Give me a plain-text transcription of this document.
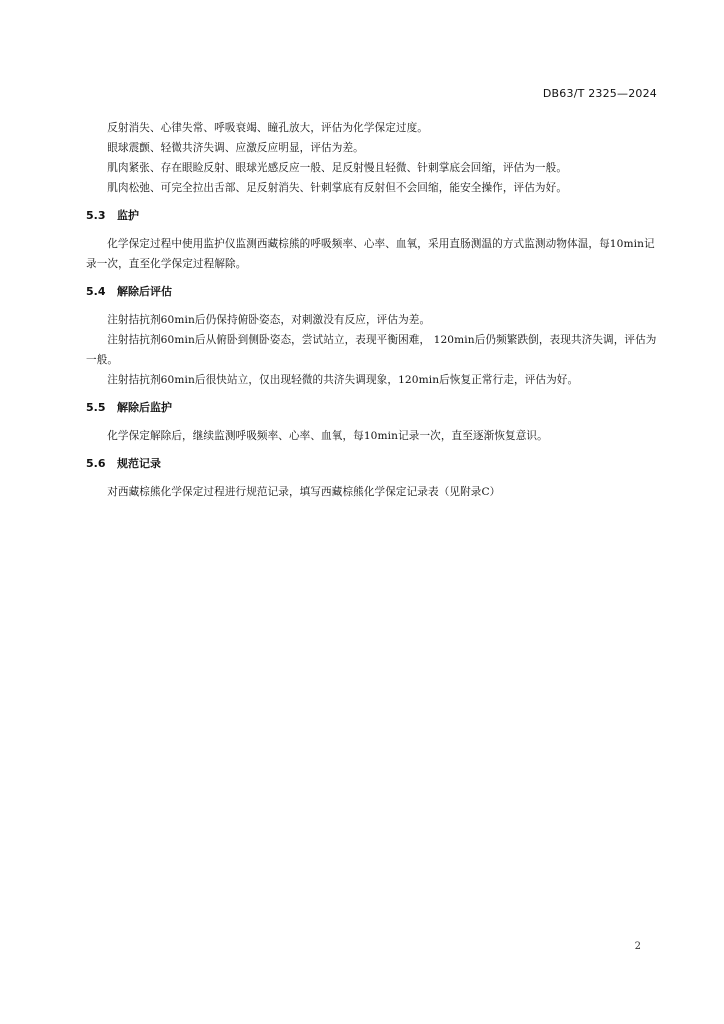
DB63/T 2325—2024

反射消失、心律失常、呼吸衰竭、瞳孔放大，评估为化学保定过度。

眼球震颤、轻微共济失调、应激反应明显，评估为差。

肌肉紧张、存在眼睑反射、眼球光感反应一般、足反射慢且轻微、针刺掌底会回缩，评估为一般。

肌肉松弛、可完全拉出舌部、足反射消失、针刺掌底有反射但不会回缩，能安全操作，评估为好。

5.3	监护

化学保定过程中使用监护仪监测西藏棕熊的呼吸频率、心率、血氧，采用直肠测温的方式监测动物体温，每10min记录一次，直至化学保定过程解除。

5.4	解除后评估

注射拮抗剂60min后仍保持俯卧姿态，对刺激没有反应，评估为差。

注射拮抗剂60min后从俯卧到侧卧姿态，尝试站立，表现平衡困难， 120min后仍频繁跌倒，表现共济失调，评估为一般。

注射拮抗剂60min后很快站立，仅出现轻微的共济失调现象，120min后恢复正常行走，评估为好。

5.5	解除后监护

化学保定解除后，继续监测呼吸频率、心率、血氧，每10min记录一次，直至逐渐恢复意识。

5.6	规范记录

对西藏棕熊化学保定过程进行规范记录，填写西藏棕熊化学保定记录表（见附录C）

2
